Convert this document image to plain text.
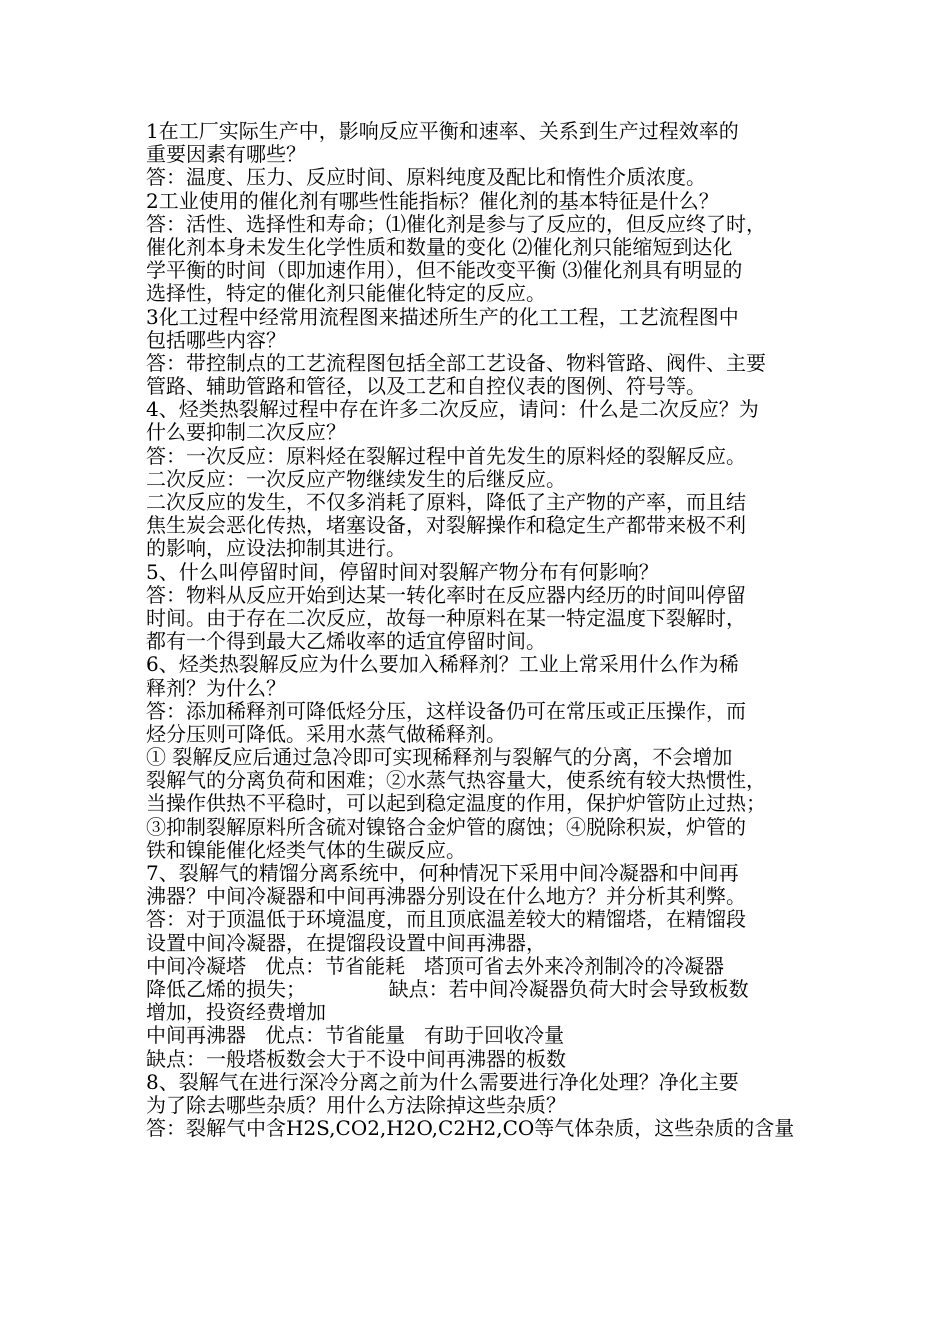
1在工厂实际生产中，影响反应平衡和速率、关系到生产过程效率的
重要因素有哪些？
答：温度、压力、反应时间、原料纯度及配比和惰性介质浓度。
2工业使用的催化剂有哪些性能指标？催化剂的基本特征是什么？
答：活性、选择性和寿命；⑴催化剂是参与了反应的，但反应终了时，
催化剂本身未发生化学性质和数量的变化 ⑵催化剂只能缩短到达化
学平衡的时间（即加速作用），但不能改变平衡 ⑶催化剂具有明显的
选择性，特定的催化剂只能催化特定的反应。
3化工过程中经常用流程图来描述所生产的化工工程，工艺流程图中
包括哪些内容？
答：带控制点的工艺流程图包括全部工艺设备、物料管路、阀件、主要
管路、辅助管路和管径，以及工艺和自控仪表的图例、符号等。
4、烃类热裂解过程中存在许多二次反应，请问：什么是二次反应？为
什么要抑制二次反应？
答：一次反应：原料烃在裂解过程中首先发生的原料烃的裂解反应。
二次反应：一次反应产物继续发生的后继反应。
二次反应的发生，不仅多消耗了原料，降低了主产物的产率，而且结
焦生炭会恶化传热，堵塞设备，对裂解操作和稳定生产都带来极不利
的影响，应设法抑制其进行。
5、什么叫停留时间，停留时间对裂解产物分布有何影响？
答：物料从反应开始到达某一转化率时在反应器内经历的时间叫停留
时间。由于存在二次反应，故每一种原料在某一特定温度下裂解时，
都有一个得到最大乙烯收率的适宜停留时间。
6、烃类热裂解反应为什么要加入稀释剂？工业上常采用什么作为稀
释剂？为什么？
答：添加稀释剂可降低烃分压，这样设备仍可在常压或正压操作，而
烃分压则可降低。采用水蒸气做稀释剂。
① 裂解反应后通过急冷即可实现稀释剂与裂解气的分离，不会增加
裂解气的分离负荷和困难；②水蒸气热容量大，使系统有较大热惯性，
当操作供热不平稳时，可以起到稳定温度的作用，保护炉管防止过热；
③抑制裂解原料所含硫对镍铬合金炉管的腐蚀；④脱除积炭，炉管的
铁和镍能催化烃类气体的生碳反应。
7、裂解气的精馏分离系统中，何种情况下采用中间冷凝器和中间再
沸器？中间冷凝器和中间再沸器分别设在什么地方？并分析其利弊。
答：对于顶温低于环境温度，而且顶底温差较大的精馏塔，在精馏段
设置中间冷凝器，在提馏段设置中间再沸器，
中间冷凝塔   优点：节省能耗   塔顶可省去外来冷剂制冷的冷凝器
降低乙烯的损失；             缺点：若中间冷凝器负荷大时会导致板数
增加，投资经费增加
中间再沸器   优点：节省能量   有助于回收冷量
缺点：一般塔板数会大于不设中间再沸器的板数
8、裂解气在进行深冷分离之前为什么需要进行净化处理？净化主要
为了除去哪些杂质？用什么方法除掉这些杂质？
答：裂解气中含H2S,CO2,H2O,C2H2,CO等气体杂质，这些杂质的含量
